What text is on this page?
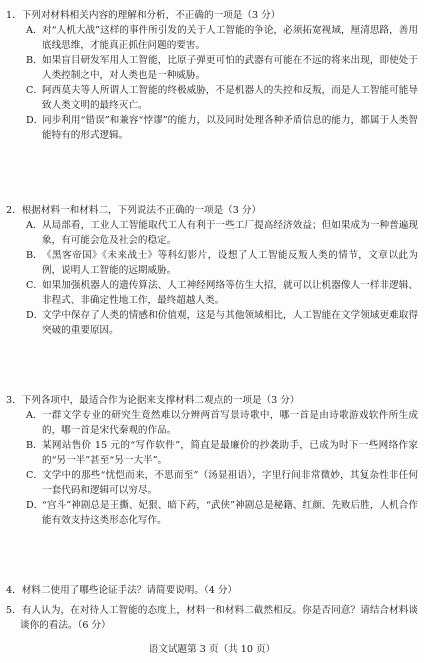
1．下列对材料相关内容的理解和分析，不正确的一项是（3 分）

A． 对“人机大战”这样的事件所引发的关于人工智能的争论，必须拓宽视域，厘清思路，善用底线思维，才能真正抓住问题的要害。

B． 如果盲目研发军用人工智能，比原子弹更可怕的武器有可能在不远的将来出现，即使处于人类控制之中，对人类也是一种威胁。

C． 阿西莫夫等人所谓人工智能的终极威胁，不是机器人的失控和反叛，而是人工智能可能导致人类文明的最终灭亡。

D．
同步利用“错误”和兼容“悖谬”的能力，以及同时处理各种矛盾信息的能力，都属于人类智能特有的形式逻辑。

2．根据材料一和材料二，下列说法不正确的一项是（3 分）

A． 从局部看，工业人工智能取代工人有利于一些工厂提高经济效益；但如果成为一种普遍现象，有可能会危及社会的稳定。

B． 《黑客帝国》《未来战士》等科幻影片，设想了人工智能反叛人类的情节，文章以此为例，说明人工智能的远期威胁。

C． 如果加强机器人的遗传算法、人工神经网络等仿生大招，就可以让机器像人一样非逻辑、非程式、非确定性地工作，最终超越人类。

D．
文学中保存了人类的情感和价值观，这是与其他领域相比，人工智能在文学领域更难取得突破的重要原因。

3．下列各项中，最适合作为论据来支撑材料二观点的一项是（3 分）

A． 一群文学专业的研究生竟然难以分辨两首写景诗歌中，哪一首是由诗歌游戏软件所生成的，哪一首是宋代秦观的作品。

B． 某网站售价 15 元的“写作软件”，简直是最廉价的抄袭助手，已成为时下一些网络作家的“另一半”甚至“另一大半”。

C． 文学中的那些“忧恺而来，不思而至”（汤显祖语），字里行间非常微妙，其复杂性非任何一套代码和逻辑可以穷尽。

D．
“宫斗”神剧总是王撕、妃狠、暗下药，“武侠”神剧总是秘籍、红颜、先败后胜，人机合作能有效支持这类形态化写作。

4．材料二使用了哪些论证手法？请简要说明。（4 分）

5．有人认为，在对待人工智能的态度上，材料一和材料二截然相反。你是否同意？请结合材料谈谈你的看法。（6 分）

语文试题第 3 页（共 10 页）
